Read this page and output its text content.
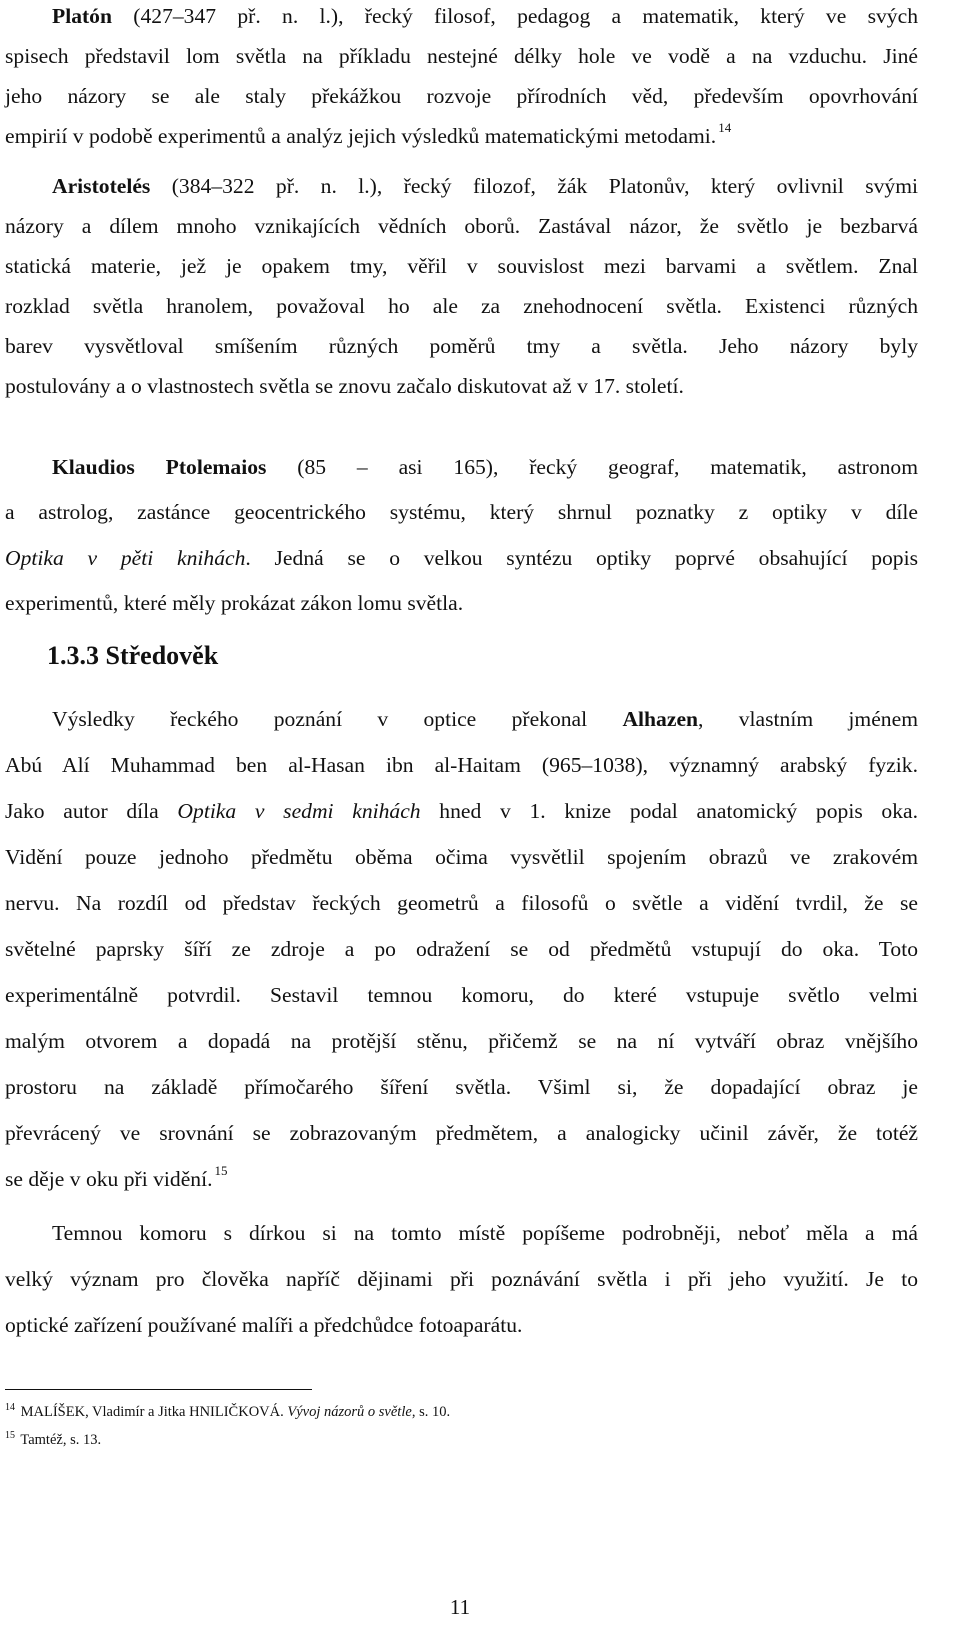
Platón (427–347 př. n. l.), řecký filosof, pedagog a matematik, který ve svých
spisech představil lom světla na příkladu nestejné délky hole ve vodě a na vzduchu. Jiné
jeho názory se ale staly překážkou rozvoje přírodních věd, především opovrhování
empirií v podobě experimentů a analýz jejich výsledků matematickými metodami. $^{14}$
Aristotelés (384–322 př. n. l.), řecký filozof, žák Platonův, který ovlivnil svými
názory a dílem mnoho vznikajících vědních oborů. Zastával názor, že světlo je bezbarvá
statická materie, jež je opakem tmy, věřil v souvislost mezi barvami a světlem. Znal
rozklad světla hranolem, považoval ho ale za znehodnocení světla. Existenci různých
barev vysvětloval smíšením různých poměrů tmy a světla. Jeho názory byly
postulovány a o vlastnostech světla se znovu začalo diskutovat až v 17. století.
Klaudios Ptolemaios (85 – asi 165), řecký geograf, matematik, astronom
a astrolog, zastánce geocentrického systému, který shrnul poznatky z optiky v díle
Optika v pěti knihách. Jedná se o velkou syntézu optiky poprvé obsahující popis
experimentů, které měly prokázat zákon lomu světla.
1.3.3 Středověk
Výsledky řeckého poznání v optice překonal Alhazen, vlastním jménem
Abú Alí Muhammad ben al-Hasan ibn al-Haitam (965–1038), významný arabský fyzik.
Jako autor díla Optika v sedmi knihách hned v 1. knize podal anatomický popis oka.
Vidění pouze jednoho předmětu oběma očima vysvětlil spojením obrazů ve zrakovém
nervu. Na rozdíl od představ řeckých geometrů a filosofů o světle a vidění tvrdil, že se
světelné paprsky šíří ze zdroje a po odražení se od předmětů vstupují do oka. Toto
experimentálně potvrdil. Sestavil temnou komoru, do které vstupuje světlo velmi
malým otvorem a dopadá na protější stěnu, přičemž se na ní vytváří obraz vnějšího
prostoru na základě přímočarého šíření světla. Všiml si, že dopadající obraz je
převrácený ve srovnání se zobrazovaným předmětem, a analogicky učinil závěr, že totéž
se děje v oku při vidění. $^{15}$
Temnou komoru s dírkou si na tomto místě popíšeme podrobněji, neboť měla a má
velký význam pro člověka napříč dějinami při poznávání světla i při jeho využití. Je to
optické zařízení používané malíři a předchůdce fotoaparátu.
$^{14}$ MALÍŠEK, Vladimír a Jitka HNILIČKOVÁ. Vývoj názorů o světle, s. 10.
$^{15}$ Tamtéž, s. 13.
11
